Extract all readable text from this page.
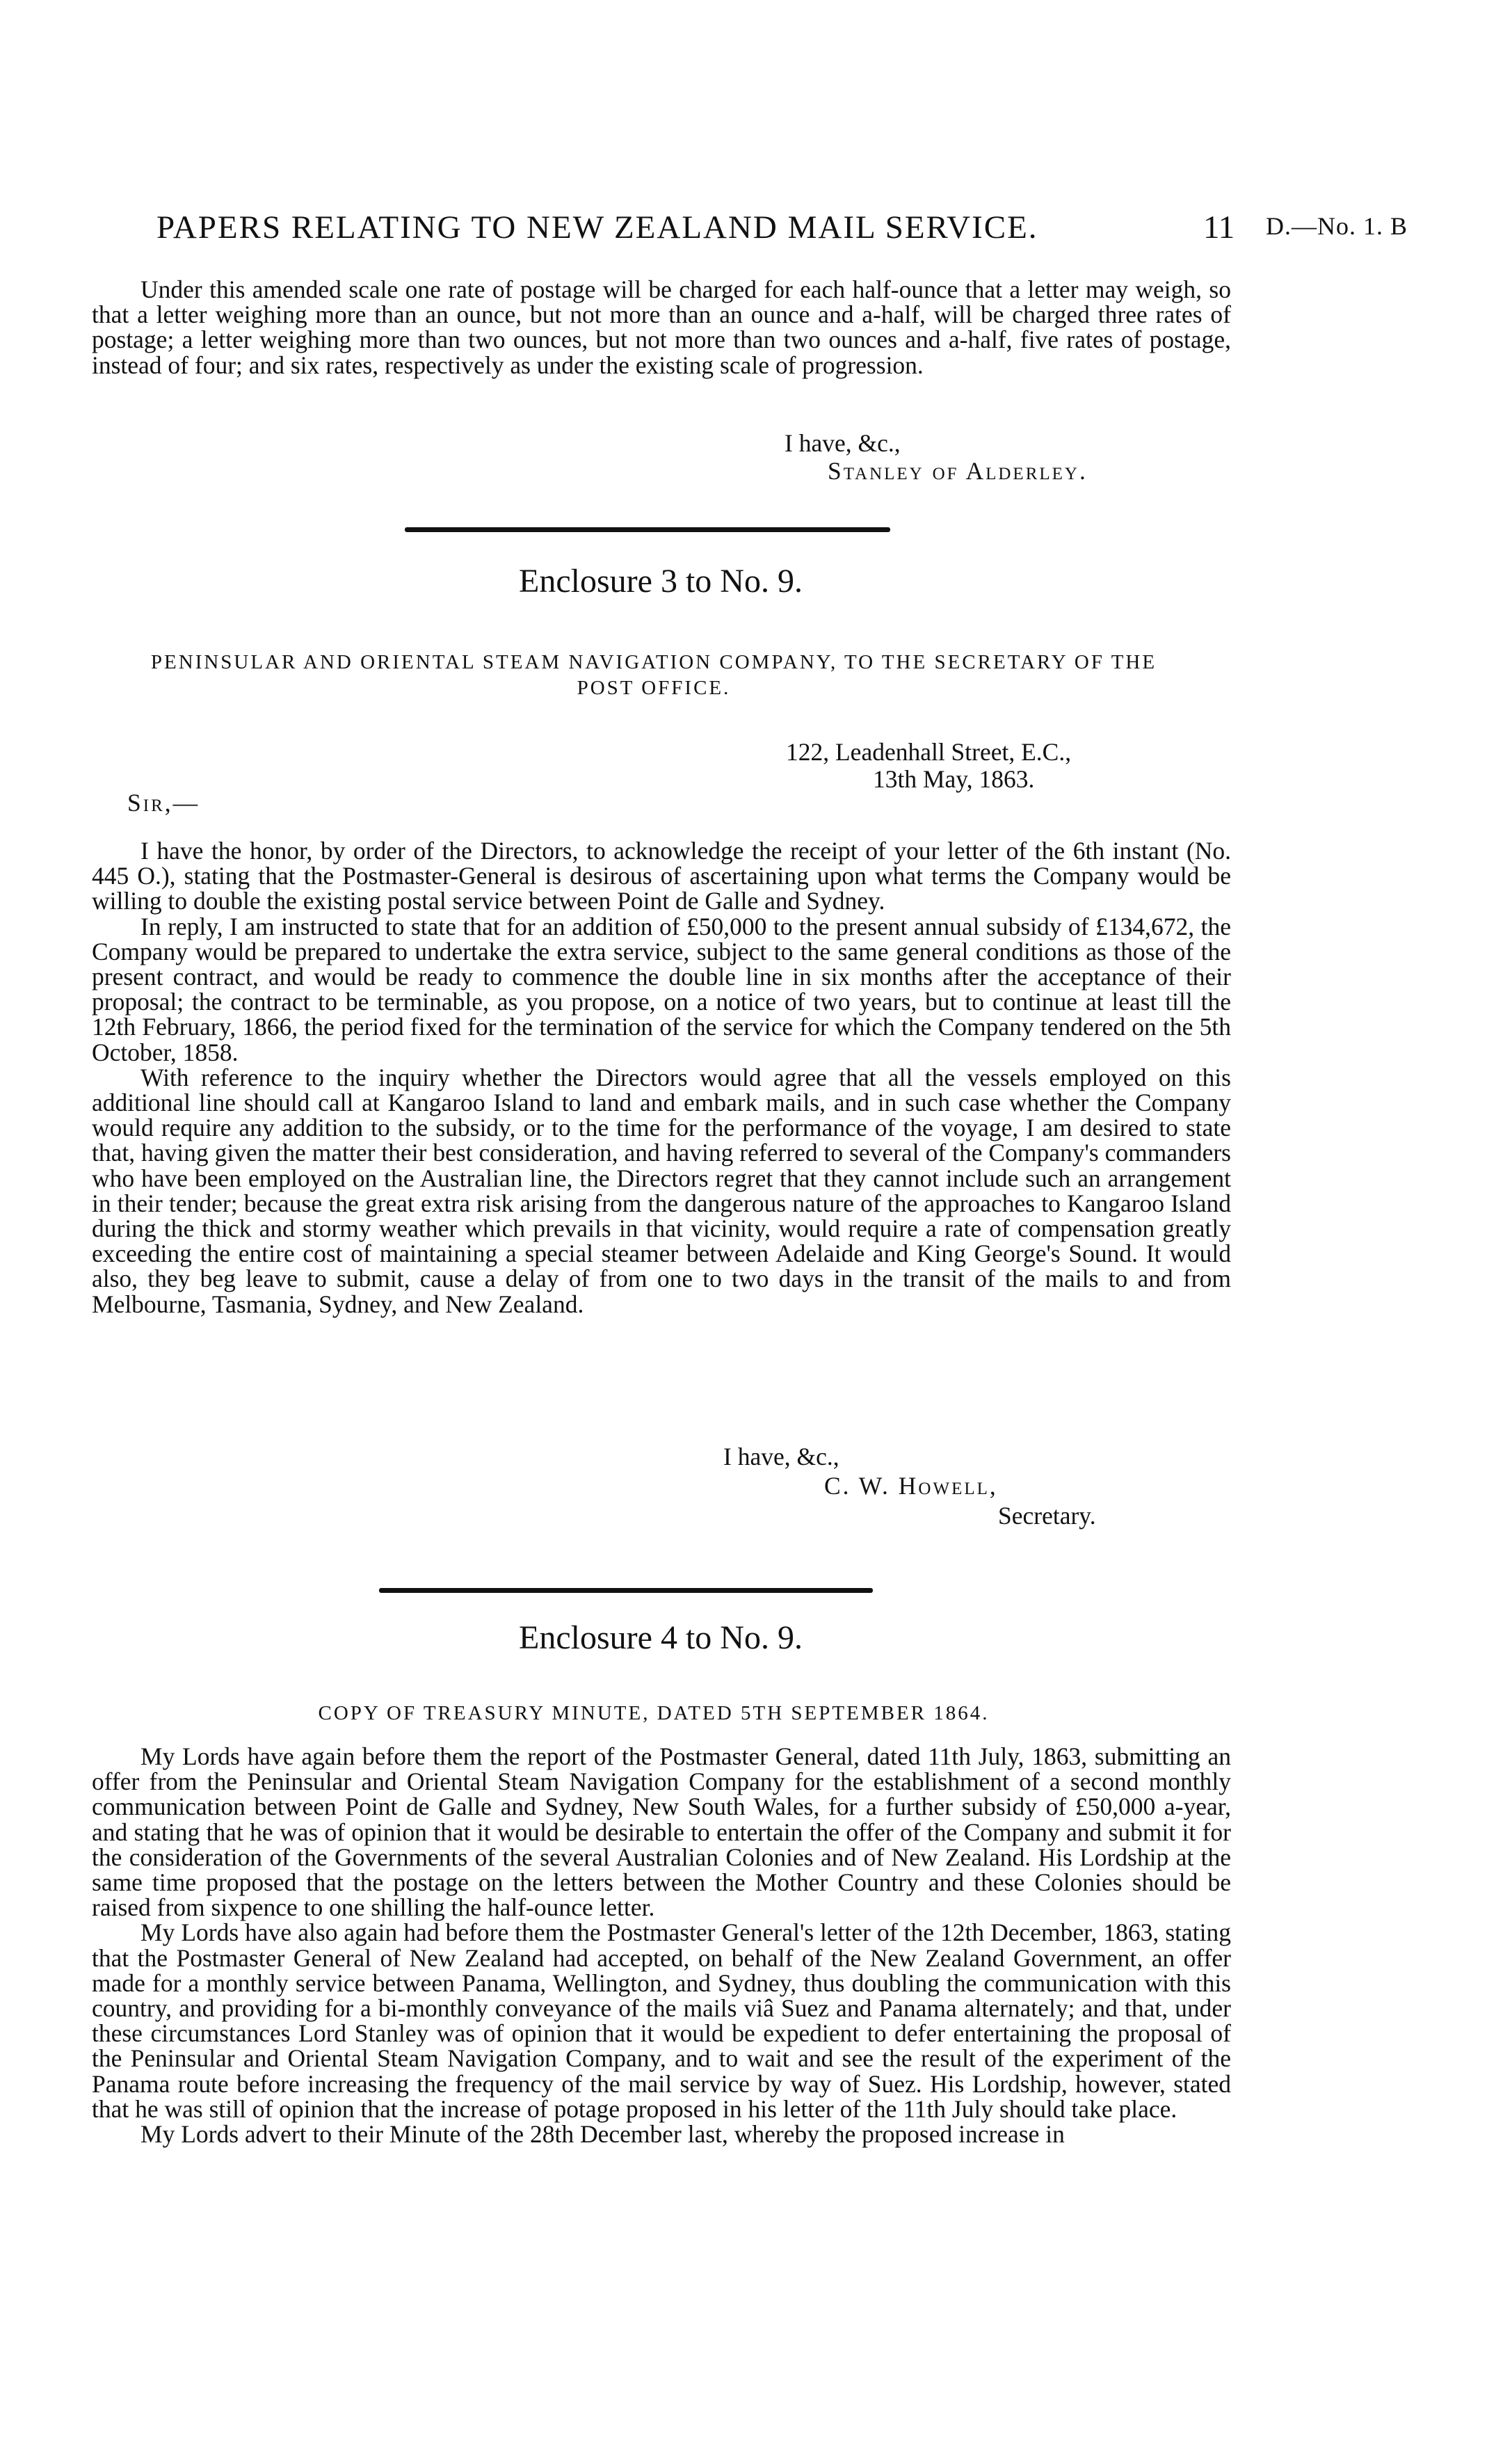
PAPERS RELATING TO NEW ZEALAND MAIL SERVICE.	11 D.—No. 1. B

Under this amended scale one rate of postage will be charged for each half-ounce that a letter may weigh, so that a letter weighing more than an ounce, but not more than an ounce and a-half, will be charged three rates of postage; a letter weighing more than two ounces, but not more than two ounces and a-half, five rates of postage, instead of four; and six rates, respectively as under the existing scale of progression.

I have, &c.,
Stanley of Alderley.
Enclosure 3 to No. 9.
PENINSULAR AND ORIENTAL STEAM NAVIGATION COMPANY, TO THE SECRETARY OF THE
POST OFFICE.
122, Leadenhall Street, E.C.,
13th May, 1863.
Sir,—

I have the honor, by order of the Directors, to acknowledge the receipt of your letter of the 6th instant (No. 445 O.), stating that the Postmaster-General is desirous of ascertaining upon what terms the Company would be willing to double the existing postal service between Point de Galle and Sydney.

In reply, I am instructed to state that for an addition of £50,000 to the present annual subsidy of £134,672, the Company would be prepared to undertake the extra service, subject to the same general conditions as those of the present contract, and would be ready to commence the double line in six months after the acceptance of their proposal; the contract to be terminable, as you propose, on a notice of two years, but to continue at least till the 12th February, 1866, the period fixed for the termination of the service for which the Company tendered on the 5th October, 1858.

With reference to the inquiry whether the Directors would agree that all the vessels employed on this additional line should call at Kangaroo Island to land and embark mails, and in such case whether the Company would require any addition to the subsidy, or to the time for the performance of the voyage, I am desired to state that, having given the matter their best consideration, and having referred to several of the Company's commanders who have been employed on the Australian line, the Directors regret that they cannot include such an arrangement in their tender; because the great extra risk arising from the dangerous nature of the approaches to Kangaroo Island during the thick and stormy weather which prevails in that vicinity, would require a rate of compensation greatly exceeding the entire cost of maintaining a special steamer between Adelaide and King George's Sound. It would also, they beg leave to submit, cause a delay of from one to two days in the transit of the mails to and from Melbourne, Tasmania, Sydney, and New Zealand.

I have, &c.,
C. W. Howell,
Secretary.
Enclosure 4 to No. 9.
COPY OF TREASURY MINUTE, DATED 5TH SEPTEMBER 1864.

My Lords have again before them the report of the Postmaster General, dated 11th July, 1863, submitting an offer from the Peninsular and Oriental Steam Navigation Company for the establishment of a second monthly communication between Point de Galle and Sydney, New South Wales, for a further subsidy of £50,000 a-year, and stating that he was of opinion that it would be desirable to entertain the offer of the Company and submit it for the consideration of the Governments of the several Australian Colonies and of New Zealand. His Lordship at the same time proposed that the postage on the letters between the Mother Country and these Colonies should be raised from sixpence to one shilling the half-ounce letter.

My Lords have also again had before them the Postmaster General's letter of the 12th December, 1863, stating that the Postmaster General of New Zealand had accepted, on behalf of the New Zealand Government, an offer made for a monthly service between Panama, Wellington, and Sydney, thus doubling the communication with this country, and providing for a bi-monthly conveyance of the mails viâ Suez and Panama alternately; and that, under these circumstances Lord Stanley was of opinion that it would be expedient to defer entertaining the proposal of the Peninsular and Oriental Steam Navigation Company, and to wait and see the result of the experiment of the Panama route before increasing the frequency of the mail service by way of Suez. His Lordship, however, stated that he was still of opinion that the increase of potage proposed in his letter of the 11th July should take place.

My Lords advert to their Minute of the 28th December last, whereby the proposed increase in
